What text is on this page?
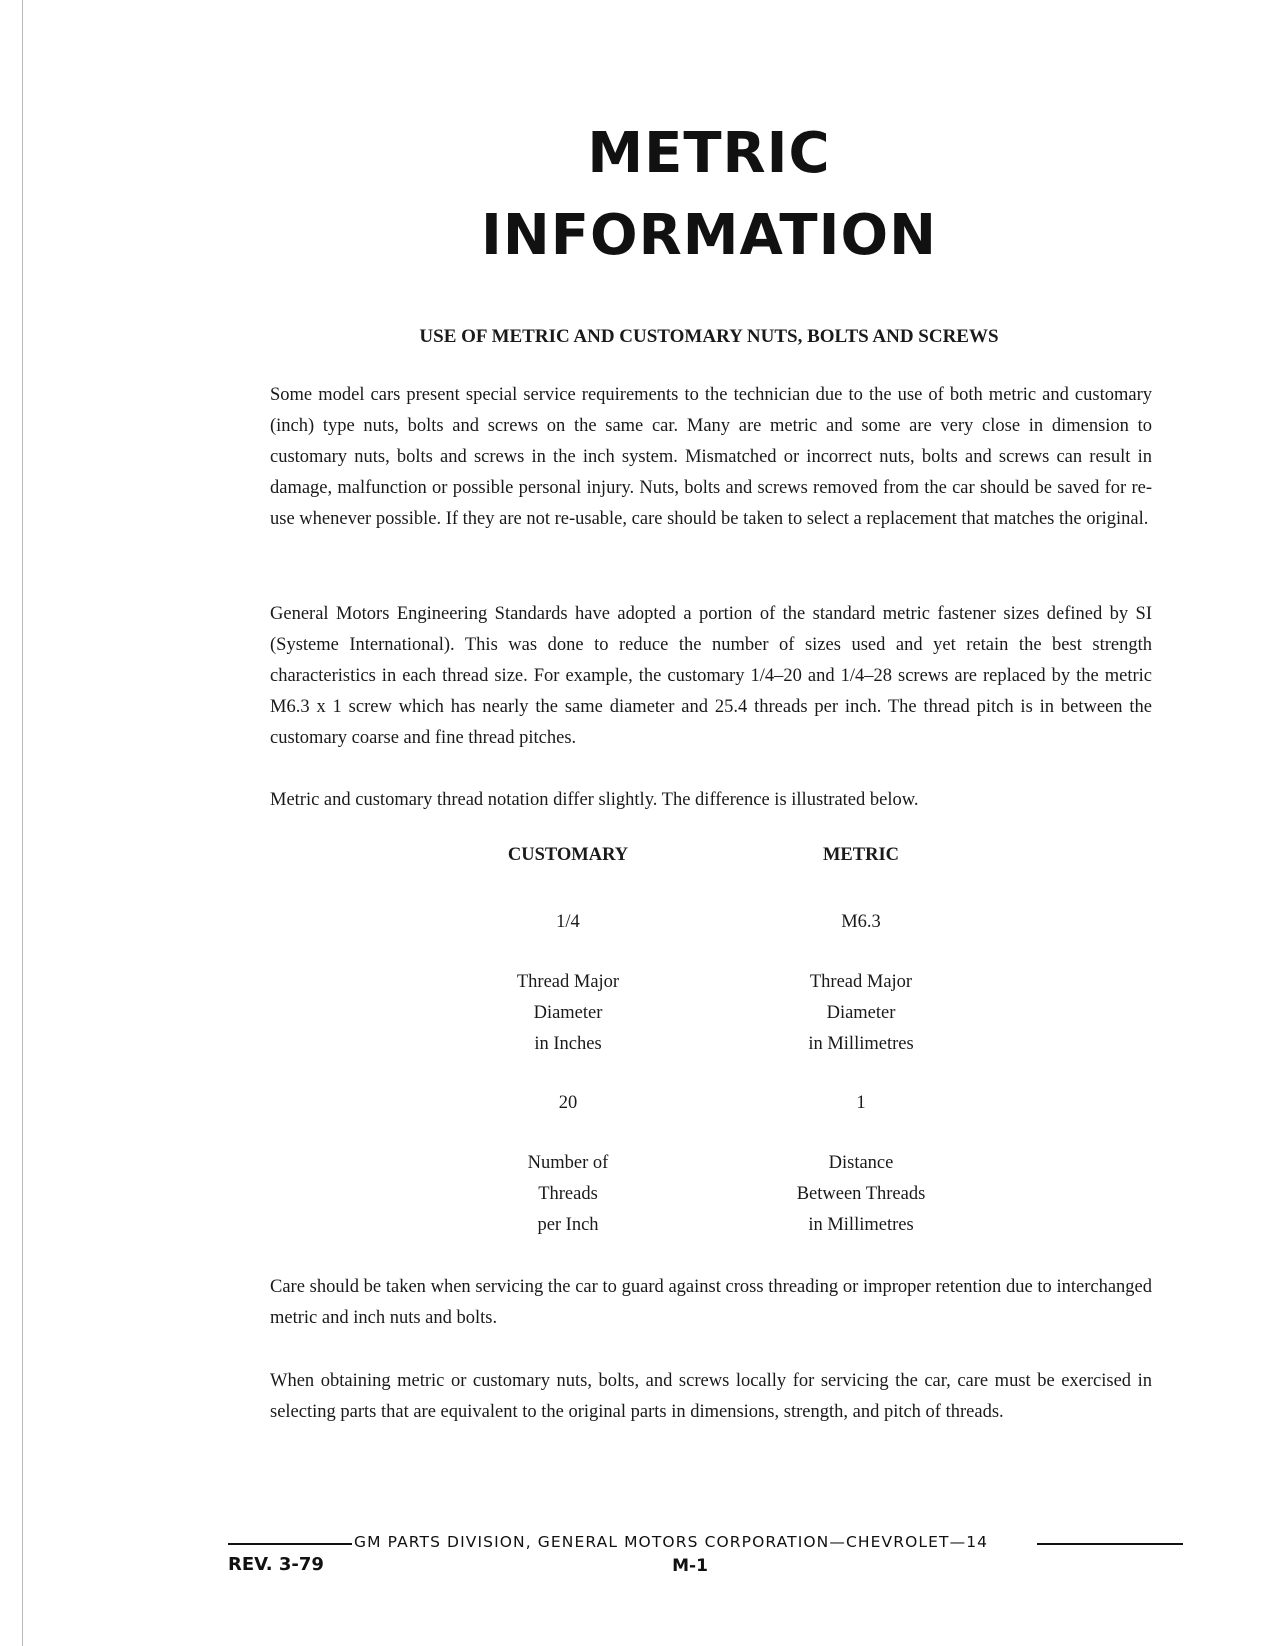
METRIC
INFORMATION
USE OF METRIC AND CUSTOMARY NUTS, BOLTS AND SCREWS

Some model cars present special service requirements to the technician due to the use of both metric and customary (inch) type nuts, bolts and screws on the same car. Many are metric and some are very close in dimension to customary nuts, bolts and screws in the inch system. Mismatched or incorrect nuts, bolts and screws can result in damage, malfunction or possible personal injury. Nuts, bolts and screws removed from the car should be saved for re-use whenever possible. If they are not re-usable, care should be taken to select a replacement that matches the original.

General Motors Engineering Standards have adopted a portion of the standard metric fastener sizes defined by SI (Systeme International). This was done to reduce the number of sizes used and yet retain the best strength characteristics in each thread size. For example, the customary 1/4–20 and 1/4–28 screws are replaced by the metric M6.3 x 1 screw which has nearly the same diameter and 25.4 threads per inch. The thread pitch is in between the customary coarse and fine thread pitches.

Metric and customary thread notation differ slightly. The difference is illustrated below.

CUSTOMARY
1/4
Thread Major
Diameter
in Inches
20
Number of
Threads
per Inch
METRIC
M6.3
Thread Major
Diameter
in Millimetres
1
Distance
Between Threads
in Millimetres

Care should be taken when servicing the car to guard against cross threading or improper retention due to interchanged metric and inch nuts and bolts.

When obtaining metric or customary nuts, bolts, and screws locally for servicing the car, care must be exercised in selecting parts that are equivalent to the original parts in dimensions, strength, and pitch of threads.

GM PARTS DIVISION, GENERAL MOTORS CORPORATION—CHEVROLET—14
REV. 3-79	M-1
